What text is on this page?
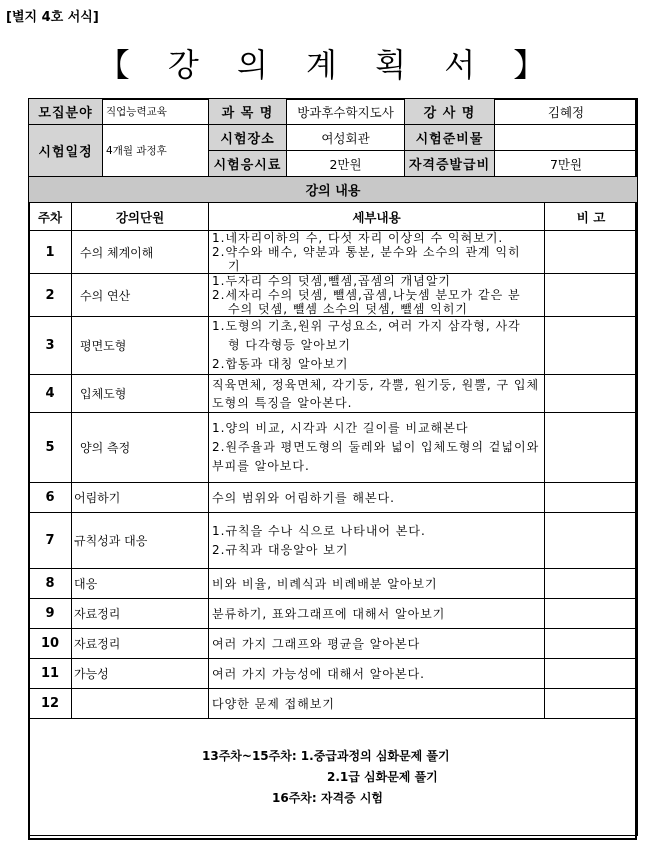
[별지 4호 서식]
【 강 의 계 획 서 】
모집분야		직업능력교육	과 목 명	방과후수학지도사	강 사 명	김혜정	
시험일정		4개월 과정후	시험장소	여성회관	시험준비물		
			시험응시료	2만원	자격증발급비	7만원	
강의 내용							
주차	강의단원		세부내용				비 고
1	수의 체계이해		1.네자리이하의 수, 다섯 자리 이상의 수 익혀보기.
2.약수와 배수, 약분과 통분, 분수와 소수의 관계 익히
기				

2	수의 연산		1.두자리 수의 덧셈,뺄셈,곱셈의 개념알기
2.세자리 수의 덧셈, 뺄셈,곱셈,나눗셈 분모가 같은 분
수의 덧셈, 뺄셈 소수의 덧셈, 뺄셈 익히기				

3	평면도형		1.도형의 기초,원위 구성요소, 여러 가지 삼각형, 사각
형 다각형등 알아보기
2.합동과 대칭 알아보기				

4	입체도형		직육면체, 정육면체, 각기둥, 각뿔, 원기둥, 원뿔, 구 입체
도형의 특징을 알아본다.				

5	양의 측정		1.양의 비교, 시각과 시간 길이를 비교해본다
2.원주율과 평면도형의 둘레와 넓이 입체도형의 겉넓이와
부피를 알아보다.				

6	어림하기		수의 범위와 어림하기를 해본다.				

7	규칙성과 대응		1.규칙을 수나 식으로 나타내어 본다.
2.규칙과 대응알아 보기				

8	대응		비와 비율, 비례식과 비례배분 알아보기				

9	자료정리		분류하기, 표와그래프에 대해서 알아보기				

10	자료정리		여러 가지 그래프와 평균을 알아본다				

11	가능성		여러 가지 가능성에 대해서 알아본다.				

12			다양한 문제 접해보기				

13주차~15주차: 1.중급과정의 심화문제 풀기
2.1급 심화문제 풀기
16주차: 자격증 시험							
